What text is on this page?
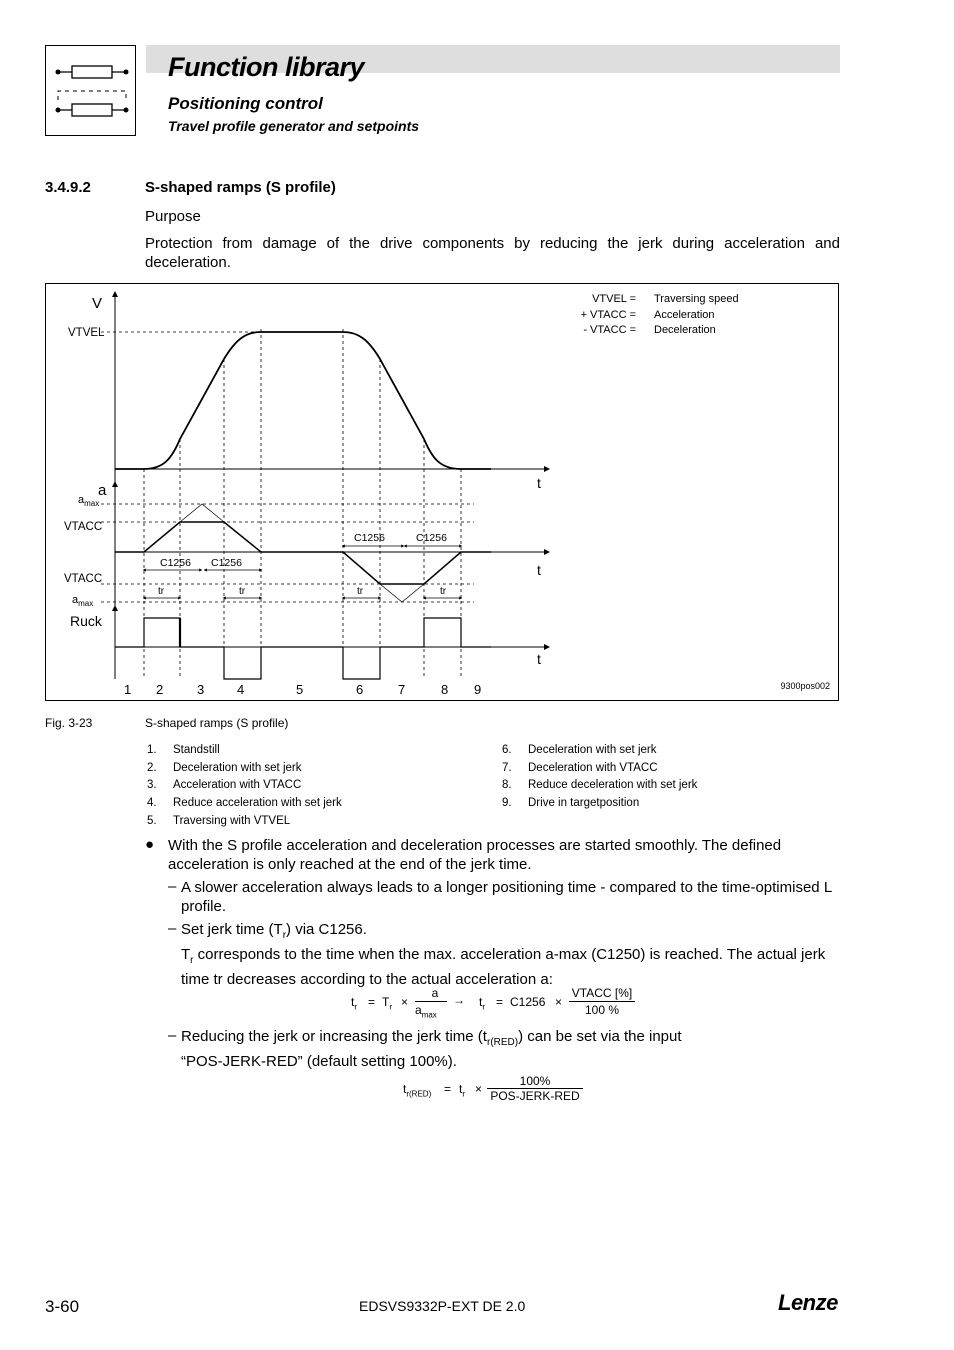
Function library
Positioning control
Travel profile generator and setpoints
3.4.9.2	S-shaped ramps (S profile)
Purpose
Protection from damage of the drive components by reducing the jerk during acceleration and deceleration.
V
VTVEL
a
$a_{max}$
VTACC
VTACC
$a_{max}$
Ruck
t
t
t
C1256 C1256
C1256	C1256
tr	tr	tr	tr
1 2	3	4	5	6	7	8 9
VTVEL =
+ VTACC =
- VTACC =
Traversing speed
Acceleration
Deceleration
9300pos002
Fig. 3-23	S-shaped ramps (S profile)
1. Standstill
2. Deceleration with set jerk
3. Acceleration with VTACC
4. Reduce acceleration with set jerk
5. Traversing with VTVEL
6. Deceleration with set jerk
7. Deceleration with VTACC
8. Reduce deceleration with set jerk
9. Drive in targetposition
● With the S profile acceleration and deceleration processes are started smoothly. The defined acceleration is only reached at the end of the jerk time.
– A slower acceleration always leads to a longer positioning time - compared to the time-optimised L profile.
– Set jerk time $(T_r)$ via C1256.
$T_r$ corresponds to the time when the max. acceleration a-max (C1250) is reached. The actual jerk time tr decreases according to the actual acceleration a:
$t_r = T_r$ ×
a
$a_{max}$
→ $t_r = C1256$ ×
VTACC [%]
100 %
– Reducing the jerk or increasing the jerk time $(t_{r(RED)})$ can be set via the input
“POS-JERK-RED” (default setting 100%).
$t_{r(RED)} = t_r$ ×
100%
POS-JERK-RED
3-60	EDSVS9332P-EXT DE 2.0	Lenze
